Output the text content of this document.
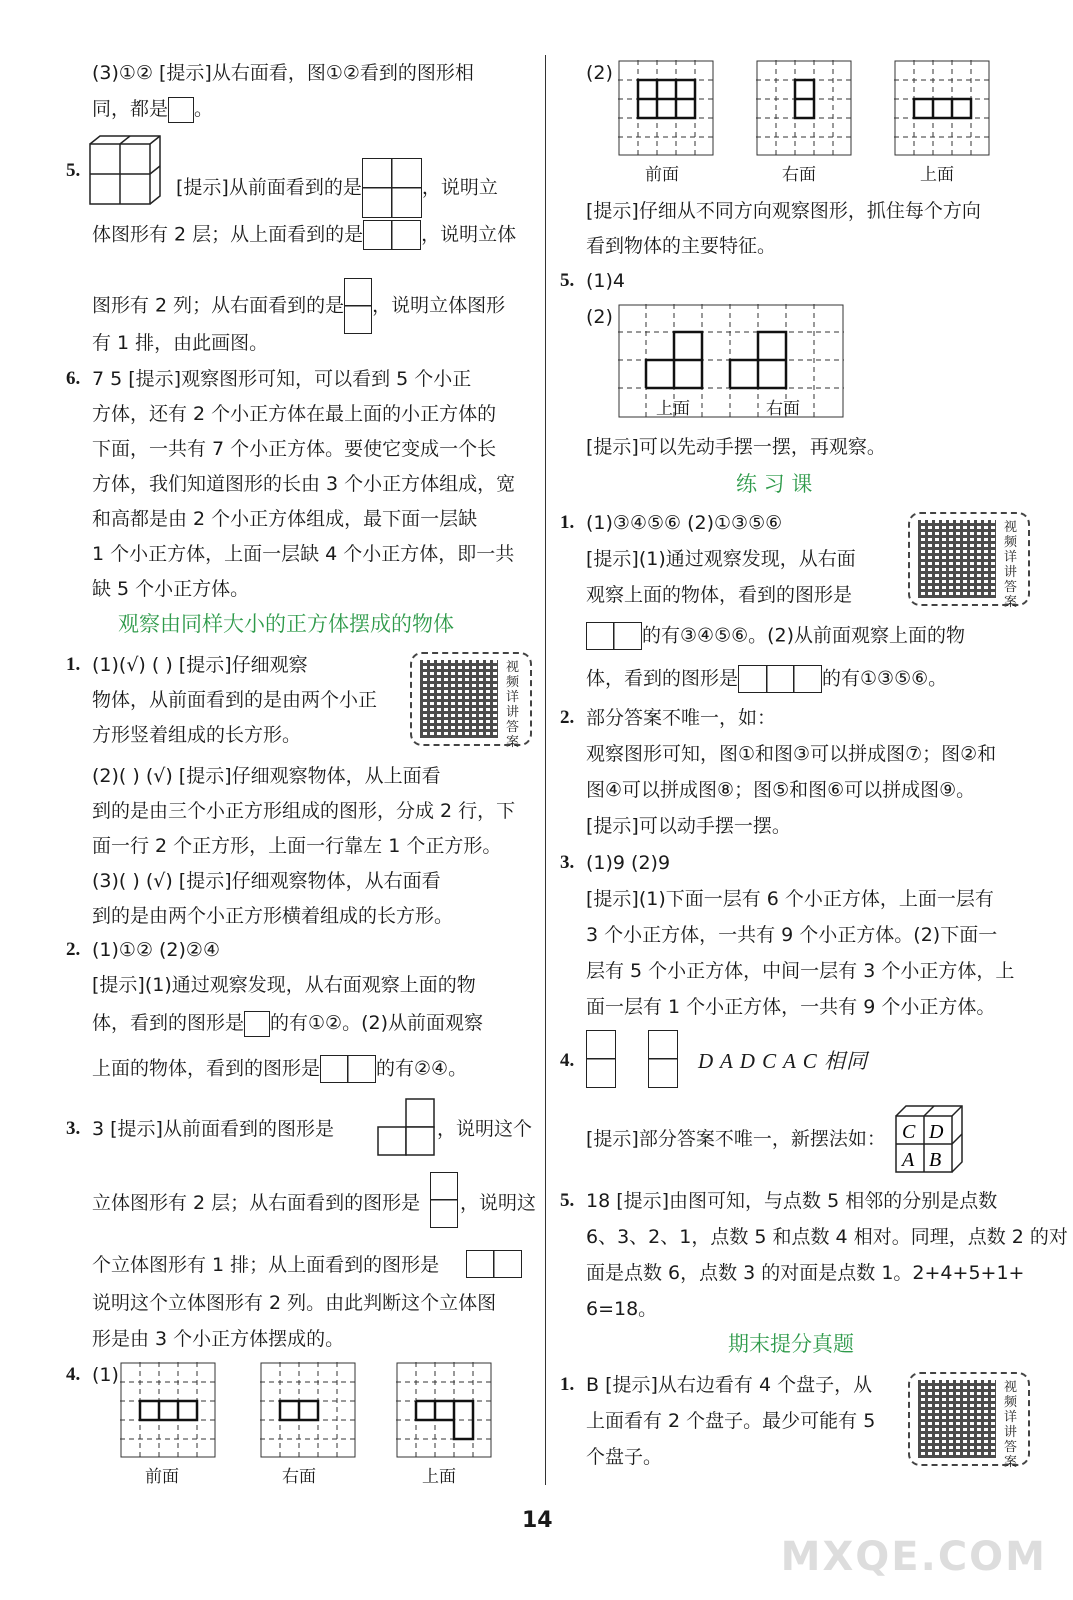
(3)①② [提示]从右面看，图①②看到的图形相
同，都是 。
5.
[提示]从前面看到的是	，说明立
体图形有 2 层；从上面看到的是	，说明立体
图形有 2 列；从右面看到的是 ，说明立体图形
有 1 排，由此画图。
6. 7 5 [提示]观察图形可知，可以看到 5 个小正
方体，还有 2 个小正方体在最上面的小正方体的
下面，一共有 7 个小正方体。要使它变成一个长
方体，我们知道图形的长由 3 个小正方体组成，宽
和高都是由 2 个小正方体组成，最下面一层缺
1 个小正方体，上面一层缺 4 个小正方体，即一共
缺 5 个小正方体。
观察由同样大小的正方体摆成的物体
1. (1)(√) ( ) [提示]仔细观察
物体，从前面看到的是由两个小正
方形竖着组成的长方形。
视频详讲答案
(2)( ) (√) [提示]仔细观察物体，从上面看
到的是由三个小正方形组成的图形，分成 2 行，下
面一行 2 个正方形，上面一行靠左 1 个正方形。
(3)( ) (√) [提示]仔细观察物体，从右面看
到的是由两个小正方形横着组成的长方形。
2. (1)①② (2)②④
[提示](1)通过观察发现，从右面观察上面的物
体，看到的图形是 的有①②。(2)从前面观察
上面的物体，看到的图形是	的有②④。
3. 3 [提示]从前面看到的图形是	，说明这个
立体图形有 2 层；从右面看到的图形是 ，说明这
个立体图形有 1 排；从上面看到的图形是
说明这个立体图形有 2 列。由此判断这个立体图
形是由 3 个小正方体摆成的。
4. (1)
前面	右面	上面
(2)
前面	右面	上面
[提示]仔细从不同方向观察图形，抓住每个方向
看到物体的主要特征。
5. (1)4
(2)
上面	右面
[提示]可以先动手摆一摆，再观察。
练 习 课
1. (1)③④⑤⑥ (2)①③⑤⑥
[提示](1)通过观察发现，从右面
观察上面的物体，看到的图形是
视频详讲答案
的有③④⑤⑥。(2)从前面观察上面的物
体，看到的图形是	的有①③⑤⑥。
2. 部分答案不唯一，如：
观察图形可知，图①和图③可以拼成图⑦；图②和
图④可以拼成图⑧；图⑤和图⑥可以拼成图⑨。
[提示]可以动手摆一摆。
3. (1)9 (2)9
[提示](1)下面一层有 6 个小正方体，上面一层有
3 个小正方体，一共有 9 个小正方体。(2)下面一
层有 5 个小正方体，中间一层有 3 个小正方体，上
面一层有 1 个小正方体，一共有 9 个小正方体。
4.	D A D C A C 相同
[提示]部分答案不唯一，新摆法如： C D
A B
5. 18 [提示]由图可知，与点数 5 相邻的分别是点数
6、3、2、1，点数 5 和点数 4 相对。同理，点数 2 的对
面是点数 6，点数 3 的对面是点数 1。2+4+5+1+
6=18。
期末提分真题
1. B [提示]从右边看有 4 个盘子，从
上面看有 2 个盘子。最少可能有 5
个盘子。
视频详讲答案
14
MXQE.COM
